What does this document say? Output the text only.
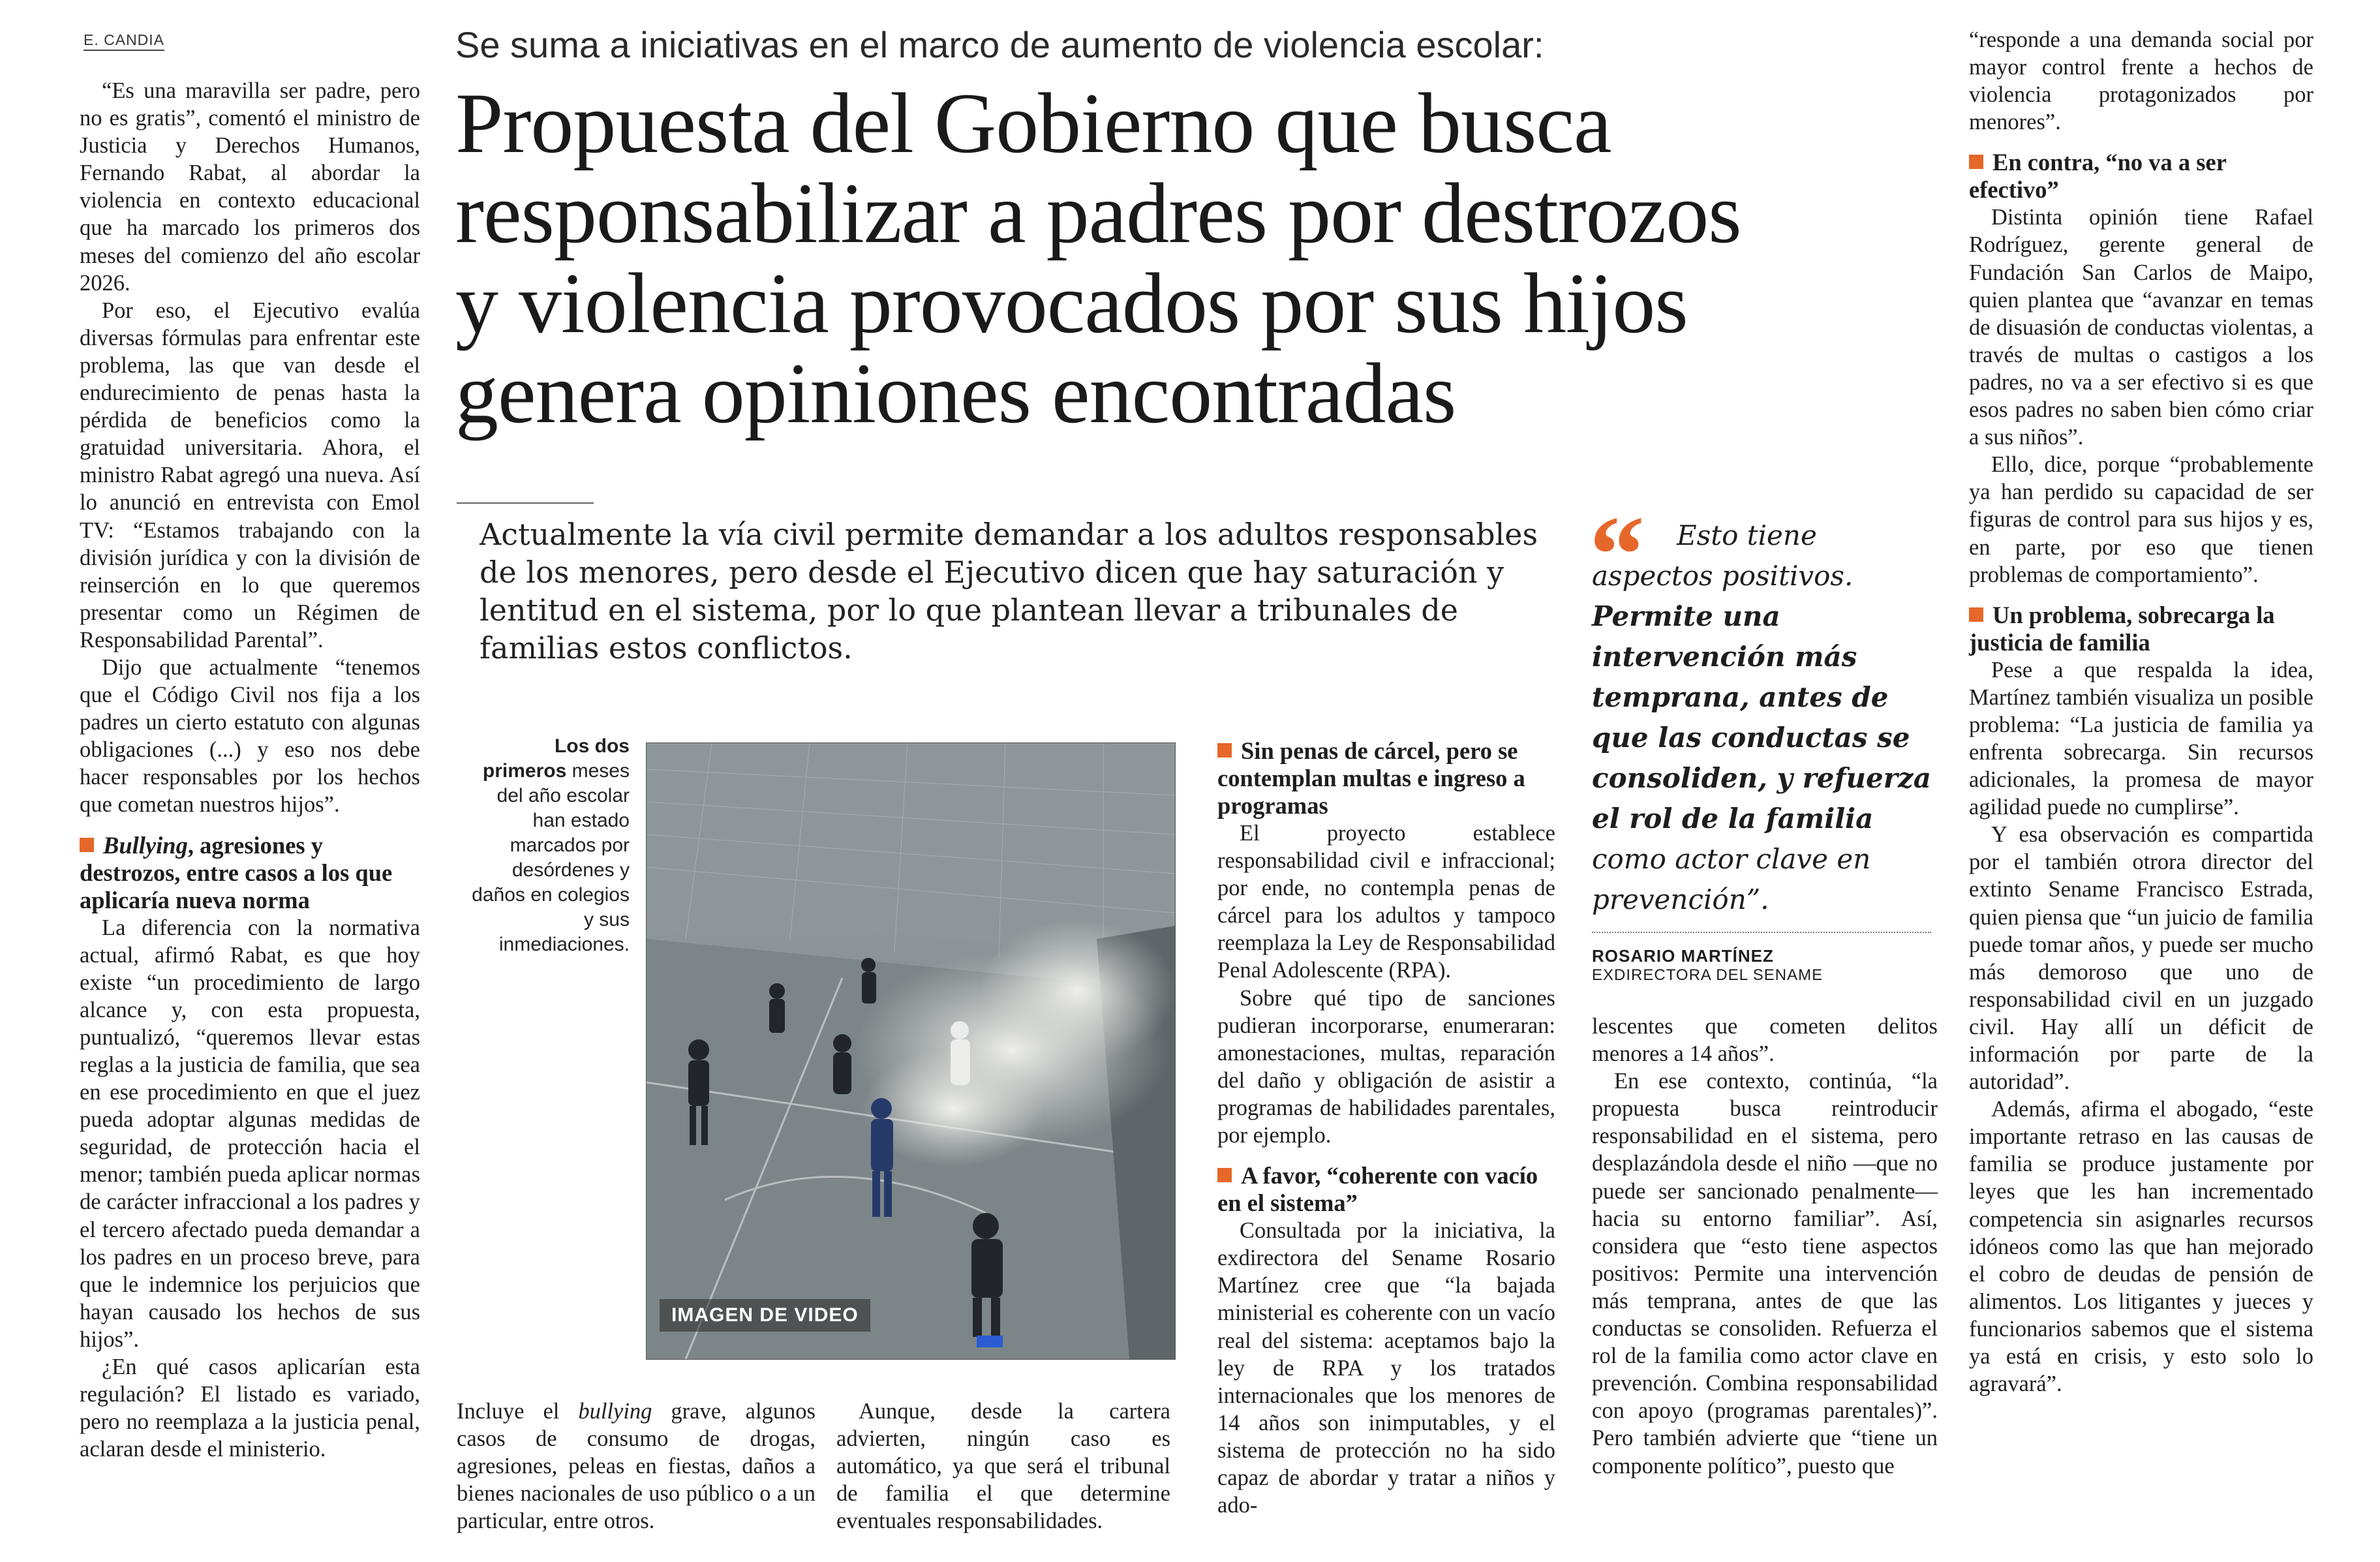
E. CANDIA	Se suma a iniciativas en el marco de aumento de violencia escolar:
Propuesta del Gobierno que busca
responsabilizar a padres por destrozos
y violencia provocados por sus hijos
genera opiniones encontradas
Actualmente la vía civil permite demandar a los adultos responsables de los menores, pero desde el Ejecutivo dicen que hay saturación y lentitud en el sistema, por lo que plantean llevar a tribunales de familias estos conflictos.

“Es una maravilla ser padre, pero no es gratis”, comentó el ministro de Justicia y Derechos Humanos, Fernando Rabat, al abordar la violencia en contexto educacional que ha marcado los primeros dos meses del comienzo del año escolar 2026.

Por eso, el Ejecutivo evalúa diversas fórmulas para enfrentar este problema, las que van desde el endurecimiento de penas hasta la pérdida de beneficios como la gratuidad universitaria. Ahora, el ministro Rabat agregó una nueva. Así lo anunció en entrevista con Emol TV: “Estamos trabajando con la división jurídica y con la división de reinserción en lo que queremos presentar como un Régimen de Responsabilidad Parental”.

Dijo que actualmente “tenemos que el Código Civil nos fija a los padres un cierto estatuto con algunas obligaciones (...) y eso nos debe hacer responsables por los hechos que cometan nuestros hijos”.

Bullying, agresiones y destrozos, entre casos a los que aplicaría nueva norma

La diferencia con la normativa actual, afirmó Rabat, es que hoy existe “un procedimiento de largo alcance y, con esta propuesta, puntualizó, “queremos llevar estas reglas a la justicia de familia, que sea en ese procedimiento en que el juez pueda adoptar algunas medidas de seguridad, de protección hacia el menor; también pueda aplicar normas de carácter infraccional a los padres y el tercero afectado pueda demandar a los padres en un proceso breve, para que le indemnice los perjuicios que hayan causado los hechos de sus hijos”.

¿En qué casos aplicarían esta regulación? El listado es variado, pero no reemplaza a la justicia penal, aclaran desde el ministerio.

Los dos primeros meses del año escolar han estado marcados por desórdenes y daños en colegios y sus inmediaciones.
IMAGEN DE VIDEO

Incluye el bullying grave, algunos casos de consumo de drogas, agresiones, peleas en fiestas, daños a bienes nacionales de uso público o a un particular, entre otros.

Aunque, desde la cartera advierten, ningún caso es automático, ya que será el tribunal de familia el que determine eventuales responsabilidades.

Sin penas de cárcel, pero se contemplan multas e ingreso a programas

El proyecto establece responsabilidad civil e infraccional; por ende, no contempla penas de cárcel para los adultos y tampoco reemplaza la Ley de Responsabilidad Penal Adolescente (RPA).

Sobre qué tipo de sanciones pudieran incorporarse, enumeraran: amonestaciones, multas, reparación del daño y obligación de asistir a programas de habilidades parentales, por ejemplo.

A favor, “coherente con vacío en el sistema”

Consultada por la iniciativa, la exdirectora del Sename Rosario Martínez cree que “la bajada ministerial es coherente con un vacío real del sistema: aceptamos bajo la ley de RPA y los tratados internacionales que los menores de 14 años son inimputables, y el sistema de protección no ha sido capaz de abordar y tratar a niños y ado-

“	Esto tiene aspectos positivos. Permite una intervención más temprana, antes de que las conductas se consoliden, y refuerza el rol de la familia como actor clave en prevención”.
ROSARIO MARTÍNEZ
EXDIRECTORA DEL SENAME

lescentes que cometen delitos menores a 14 años”.

En ese contexto, continúa, “la propuesta busca reintroducir responsabilidad en el sistema, pero desplazándola desde el niño —que no puede ser sancionado penalmente— hacia su entorno familiar”. Así, considera que “esto tiene aspectos positivos: Permite una intervención más temprana, antes de que las conductas se consoliden. Refuerza el rol de la familia como actor clave en prevención. Combina responsabilidad con apoyo (programas parentales)”. Pero también advierte que “tiene un componente político”, puesto que

“responde a una demanda social por mayor control frente a hechos de violencia protagonizados por menores”.

En contra, “no va a ser efectivo”

Distinta opinión tiene Rafael Rodríguez, gerente general de Fundación San Carlos de Maipo, quien plantea que “avanzar en temas de disuasión de conductas violentas, a través de multas o castigos a los padres, no va a ser efectivo si es que esos padres no saben bien cómo criar a sus niños”.

Ello, dice, porque “probablemente ya han perdido su capacidad de ser figuras de control para sus hijos y es, en parte, por eso que tienen problemas de comportamiento”.

Un problema, sobrecarga la justicia de familia

Pese a que respalda la idea, Martínez también visualiza un posible problema: “La justicia de familia ya enfrenta sobrecarga. Sin recursos adicionales, la promesa de mayor agilidad puede no cumplirse”.

Y esa observación es compartida por el también otrora director del extinto Sename Francisco Estrada, quien piensa que “un juicio de familia puede tomar años, y puede ser mucho más demoroso que uno de responsabilidad civil en un juzgado civil. Hay allí un déficit de información por parte de la autoridad”.

Además, afirma el abogado, “este importante retraso en las causas de familia se produce justamente por leyes que les han incrementado competencia sin asignarles recursos idóneos como las que han mejorado el cobro de deudas de pensión de alimentos. Los litigantes y jueces y funcionarios sabemos que el sistema ya está en crisis, y esto solo lo agravará”.
